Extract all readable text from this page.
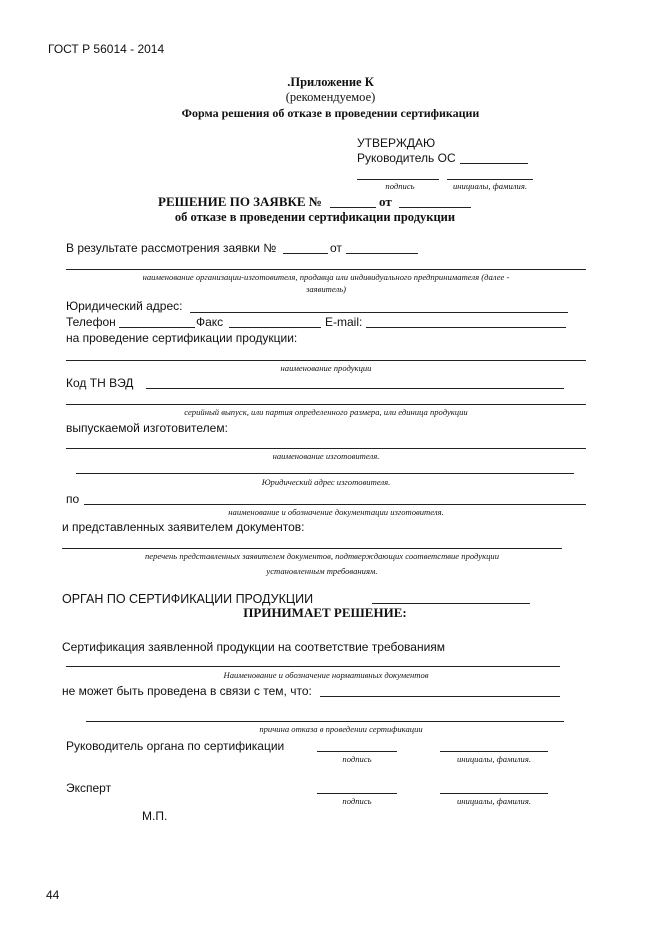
ГОСТ Р 56014 - 2014
.Приложение К
(рекомендуемое)
Форма решения об отказе в проведении сертификации
УТВЕРЖДАЮ
Руководитель ОС
подпись	инициалы, фамилия.
РЕШЕНИЕ ПО ЗАЯВКЕ №	от
об отказе в проведении сертификации продукции
В результате рассмотрения заявки №	от
наименование организации-изготовителя, продавца или индивидуального предпринимателя (далее -
заявитель)
Юридический адрес:
Телефон	Факс	E-mail:
на проведение сертификации продукции:
наименование продукции
Код ТН ВЭД
серийный выпуск, или партия определенного размера, или единица продукции
выпускаемой изготовителем:
наименование изготовителя.
Юридический адрес изготовителя.
по
наименование и обозначение документации изготовителя.
и представленных заявителем документов:
перечень представленных заявителем документов, подтверждающих соответствие продукции
установленным требованиям.
ОРГАН ПО СЕРТИФИКАЦИИ ПРОДУКЦИИ
ПРИНИМАЕТ РЕШЕНИЕ:
Сертификация заявленной продукции на соответствие требованиям
Наименование и обозначение нормативных документов
не может быть проведена в связи с тем, что:
причина отказа в проведении сертификации
Руководитель органа по сертификации
подпись	инициалы, фамилия.
Эксперт
подпись	инициалы, фамилия.
М.П.
44
